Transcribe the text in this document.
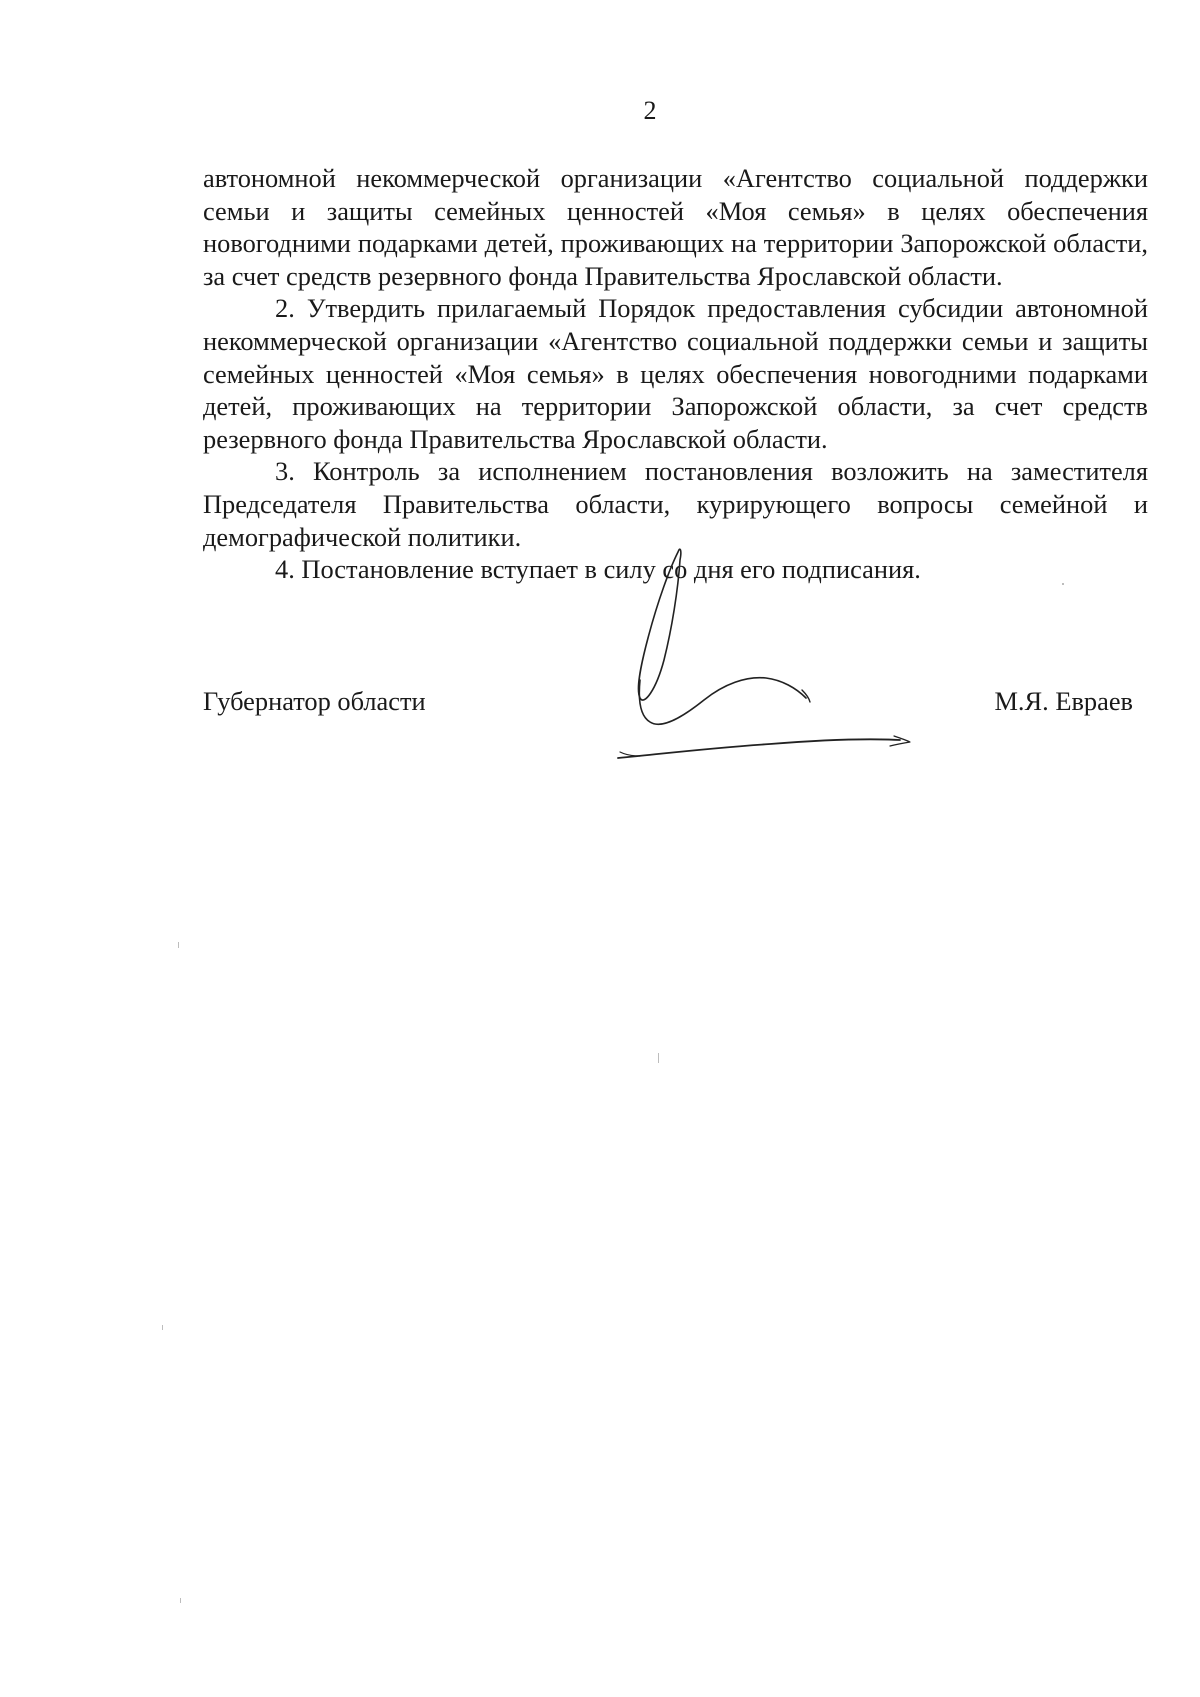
2

автономной некоммерческой организации «Агентство социальной поддержки семьи и защиты семейных ценностей «Моя семья» в целях обеспечения новогодними подарками детей, проживающих на территории Запорожской области, за счет средств резервного фонда Правительства Ярославской области.

2. Утвердить прилагаемый Порядок предоставления субсидии автономной некоммерческой организации «Агентство социальной поддержки семьи и защиты семейных ценностей «Моя семья» в целях обеспечения новогодними подарками детей, проживающих на территории Запорожской области, за счет средств резервного фонда Правительства Ярославской области.

3. Контроль за исполнением постановления возложить на заместителя Председателя Правительства области, курирующего вопросы семейной и демографической политики.

4. Постановление вступает в силу со дня его подписания.

Губернатор области	М.Я. Евраев
